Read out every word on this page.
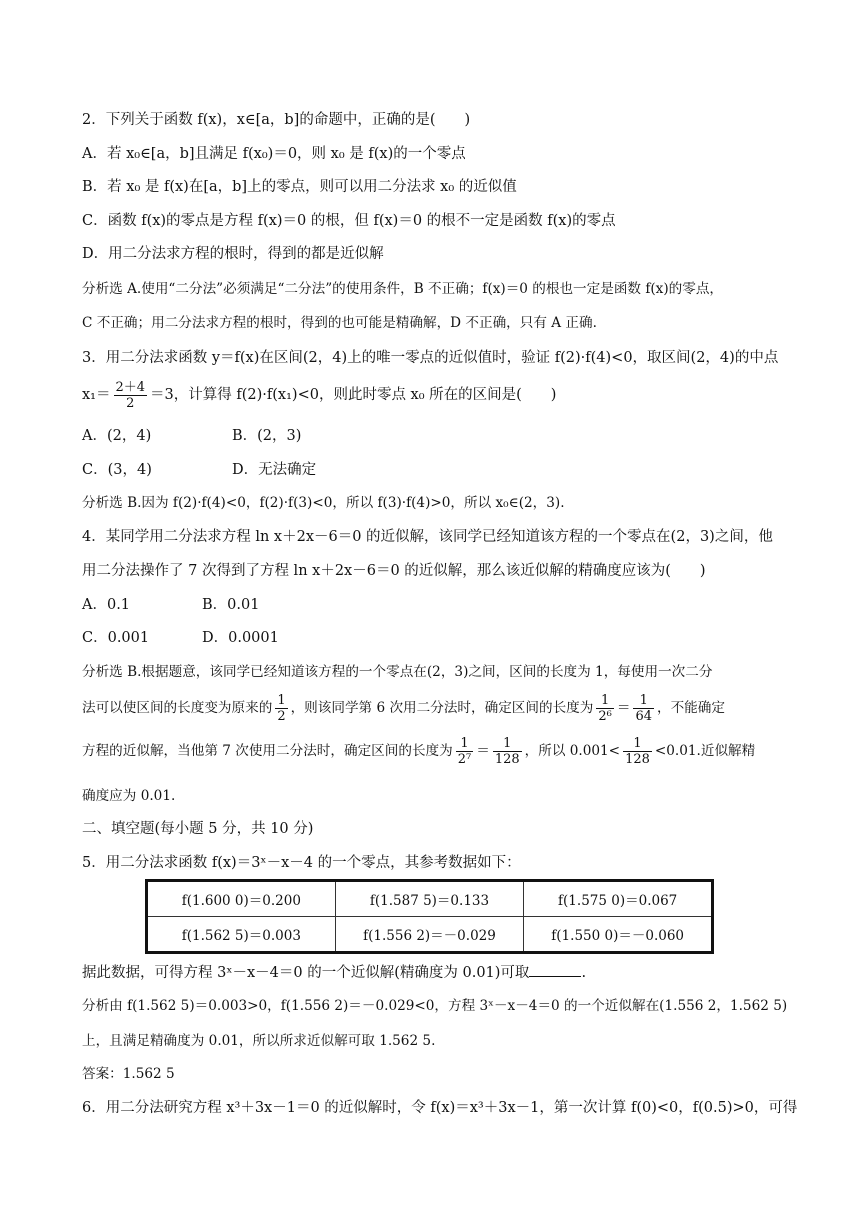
2．下列关于函数 f(x)，x∈[a，b]的命题中，正确的是(　　)
A．若 x₀∈[a，b]且满足 f(x₀)＝0，则 x₀ 是 f(x)的一个零点
B．若 x₀ 是 f(x)在[a，b]上的零点，则可以用二分法求 x₀ 的近似值
C．函数 f(x)的零点是方程 f(x)＝0 的根，但 f(x)＝0 的根不一定是函数 f(x)的零点
D．用二分法求方程的根时，得到的都是近似解
分析选 A.使用“二分法”必须满足“二分法”的使用条件，B 不正确；f(x)＝0 的根也一定是函数 f(x)的零点，
C 不正确；用二分法求方程的根时，得到的也可能是精确解，D 不正确，只有 A 正确.
3．用二分法求函数 y＝f(x)在区间(2，4)上的唯一零点的近似值时，验证 f(2)·f(4)<0，取区间(2，4)的中点
$x_1= \frac{2+4}{2} =3$，计算得 f(2)·f(x₁)<0，则此时零点 x₀ 所在的区间是(　　)
A．(2，4)	B．(2，3)
C．(3，4)	D．无法确定
分析选 B.因为 f(2)·f(4)<0，f(2)·f(3)<0，所以 f(3)·f(4)>0，所以 x₀∈(2，3).
4．某同学用二分法求方程 ln x＋2x－6＝0 的近似解，该同学已经知道该方程的一个零点在(2，3)之间，他
用二分法操作了 7 次得到了方程 ln x＋2x－6＝0 的近似解，那么该近似解的精确度应该为(　　)
A．0.1	B．0.01
C．0.001	D．0.0001
分析选 B.根据题意，该同学已经知道该方程的一个零点在(2，3)之间，区间的长度为 1，每使用一次二分
法可以使区间的长度变为原来的 $\frac{1}{2}$ ，则该同学第 6 次用二分法时，确定区间的长度为 $\frac{1}{\text{2⁶}} = \frac{1}{64}$ ，不能确定
方程的近似解，当他第 7 次使用二分法时，确定区间的长度为 $\frac{1}{\text{2⁷}} = \frac{1}{128}$ ，所以 $0.001< \frac{1}{128} <0.01$.近似解精
确度应为 0.01.
二、填空题(每小题 5 分，共 10 分)
5．用二分法求函数 f(x)＝3ˣ－x－4 的一个零点，其参考数据如下：
f(1.600 0)＝0.200	f(1.587 5)＝0.133	f(1.575 0)＝0.067
f(1.562 5)＝0.003	f(1.556 2)＝－0.029	f(1.550 0)＝－0.060
据此数据，可得方程 3ˣ－x－4＝0 的一个近似解(精确度为 0.01)可取	.
分析由 f(1.562 5)＝0.003>0，f(1.556 2)＝－0.029<0，方程 3ˣ－x－4＝0 的一个近似解在(1.556 2，1.562 5)
上，且满足精确度为 0.01，所以所求近似解可取 1.562 5.
答案：1.562 5
6．用二分法研究方程 x³＋3x－1＝0 的近似解时，令 f(x)＝x³＋3x－1，第一次计算 f(0)<0，f(0.5)>0，可得
